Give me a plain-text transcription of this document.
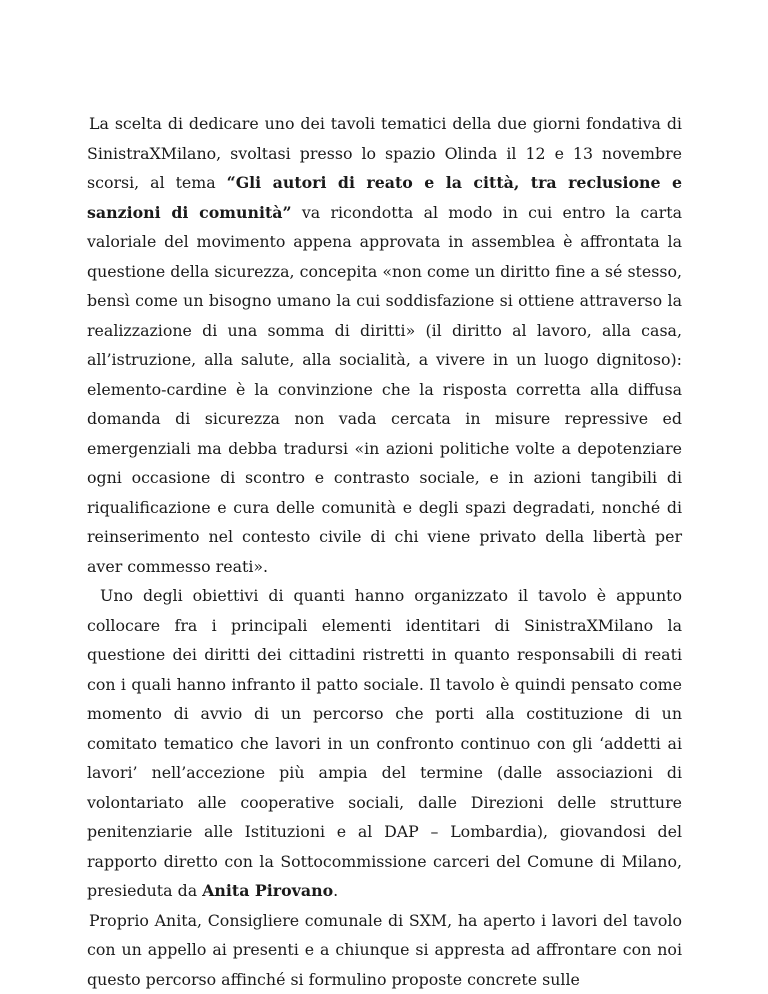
La scelta di dedicare uno dei tavoli tematici della due giorni fondativa di SinistraXMilano, svoltasi presso lo spazio Olinda il 12 e 13 novembre scorsi, al tema “Gli autori di reato e la città, tra reclusione e sanzioni di comunità” va ricondotta al modo in cui entro la carta valoriale del movimento appena approvata in assemblea è affrontata la questione della sicurezza, concepita «non come un diritto fine a sé stesso, bensì come un bisogno umano la cui soddisfazione si ottiene attraverso la realizzazione di una somma di diritti» (il diritto al lavoro, alla casa, all’istruzione, alla salute, alla socialità, a vivere in un luogo dignitoso): elemento-cardine è la convinzione che la risposta corretta alla diffusa domanda di sicurezza non vada cercata in misure repressive ed emergenziali ma debba tradursi «in azioni politiche volte a depotenziare ogni occasione di scontro e contrasto sociale, e in azioni tangibili di riqualificazione e cura delle comunità e degli spazi degradati, nonché di reinserimento nel contesto civile di chi viene privato della libertà per aver commesso reati».

Uno degli obiettivi di quanti hanno organizzato il tavolo è appunto collocare fra i principali elementi identitari di SinistraXMilano la questione dei diritti dei cittadini ristretti in quanto responsabili di reati con i quali hanno infranto il patto sociale. Il tavolo è quindi pensato come momento di avvio di un percorso che porti alla costituzione di un comitato tematico che lavori in un confronto continuo con gli ‘addetti ai lavori’ nell’accezione più ampia del termine (dalle associazioni di volontariato alle cooperative sociali, dalle Direzioni delle strutture penitenziarie alle Istituzioni e al DAP – Lombardia), giovandosi del rapporto diretto con la Sottocommissione carceri del Comune di Milano, presieduta da Anita Pirovano.

Proprio Anita, Consigliere comunale di SXM, ha aperto i lavori del tavolo con un appello ai presenti e a chiunque si appresta ad affrontare con noi questo percorso affinché si formulino proposte concrete sulle
